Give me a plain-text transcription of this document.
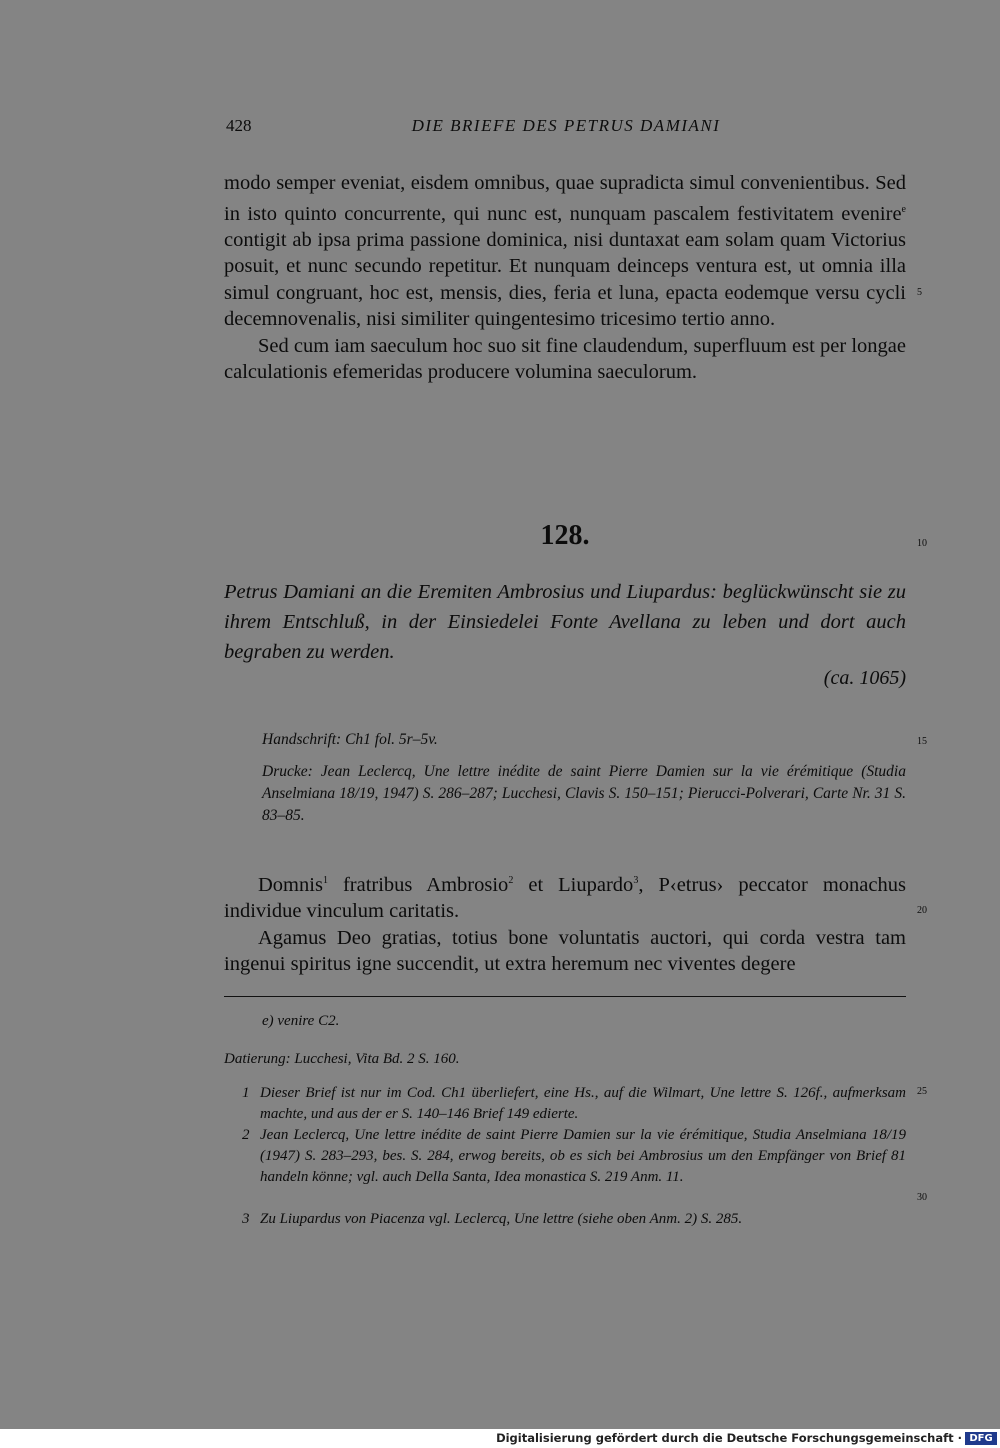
428	DIE BRIEFE DES PETRUS DAMIANI

modo semper eveniat, eisdem omnibus, quae supradicta simul convenientibus. Sed in isto quinto concurrente, qui nunc est, nunquam pascalem festivitatem evenire$^e$ contigit ab ipsa prima passione dominica, nisi duntaxat eam solam quam Victorius posuit, et nunc secundo repetitur. Et nunquam deinceps ventura est, ut omnia illa simul congruant, hoc est, mensis, dies, feria et luna, epacta eodemque versu cycli decemnovenalis, nisi similiter quingentesimo tricesimo tertio anno.

Sed cum iam saeculum hoc suo sit fine claudendum, superfluum est per longae calculationis efemeridas producere volumina saeculorum.

5
10
15
20
25
30
128.
Petrus Damiani an die Eremiten Ambrosius und Liupardus: beglückwünscht sie zu ihrem Entschluß, in der Einsiedelei Fonte Avellana zu leben und dort auch begraben zu werden.
(ca. 1065)
Handschrift: Ch1 fol. 5r–5v.
Drucke: Jean Leclercq, Une lettre inédite de saint Pierre Damien sur la vie érémitique (Studia Anselmiana 18/19, 1947) S. 286–287; Lucchesi, Clavis S. 150–151; Pierucci-Polverari, Carte Nr. 31 S. 83–85.

Domnis$^1$ fratribus Ambrosio$^2$ et Liupardo$^3$, P‹etrus› peccator monachus individue vinculum caritatis.

Agamus Deo gratias, totius bone voluntatis auctori, qui corda vestra tam ingenui spiritus igne succendit, ut extra heremum nec viventes degere

e) venire C2.
Datierung: Lucchesi, Vita Bd. 2 S. 160.
1 Dieser Brief ist nur im Cod. Ch1 überliefert, eine Hs., auf die Wilmart, Une lettre S. 126f., aufmerksam machte, und aus der er S. 140–146 Brief 149 edierte.
2 Jean Leclercq, Une lettre inédite de saint Pierre Damien sur la vie érémitique, Studia Anselmiana 18/19 (1947) S. 283–293, bes. S. 284, erwog bereits, ob es sich bei Ambrosius um den Empfänger von Brief 81 handeln könne; vgl. auch Della Santa, Idea monastica S. 219 Anm. 11.
3 Zu Liupardus von Piacenza vgl. Leclercq, Une lettre (siehe oben Anm. 2) S. 285.
Digitalisierung gefördert durch die Deutsche Forschungsgemeinschaft · DFG
